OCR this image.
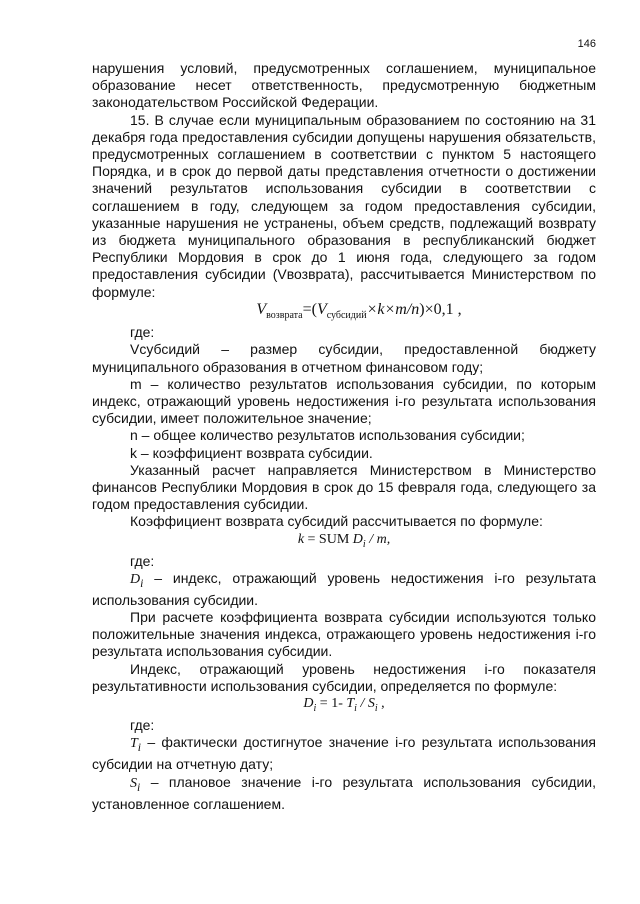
146

нарушения условий, предусмотренных соглашением, муниципальное образование несет ответственность, предусмотренную бюджетным законодательством Российской Федерации.

15. В случае если муниципальным образованием по состоянию на 31 декабря года предоставления субсидии допущены нарушения обязательств, предусмотренных соглашением в соответствии с пунктом 5 настоящего Порядка, и в срок до первой даты представления отчетности о достижении значений результатов использования субсидии в соответствии с соглашением в году, следующем за годом предоставления субсидии, указанные нарушения не устранены, объем средств, подлежащий возврату из бюджета муниципального образования в республиканский бюджет Республики Мордовия в срок до 1 июня года, следующего за годом предоставления субсидии (Vвозврата), рассчитывается Министерством по формуле:

$V_{возврата}=(V_{субсидий}\times k\times m/n)\times 0,1$ ,

где:

Vсубсидий – размер субсидии, предоставленной бюджету муниципального образования в отчетном финансовом году;

m – количество результатов использования субсидии, по которым индекс, отражающий уровень недостижения i-го результата использования субсидии, имеет положительное значение;

n – общее количество результатов использования субсидии;

k – коэффициент возврата субсидии.

Указанный расчет направляется Министерством в Министерство финансов Республики Мордовия в срок до 15 февраля года, следующего за годом предоставления субсидии.

Коэффициент возврата субсидий рассчитывается по формуле:

k = SUM $D_i$ / m,

где:

$D_i$ – индекс, отражающий уровень недостижения i-го результата использования субсидии.

При расчете коэффициента возврата субсидии используются только положительные значения индекса, отражающего уровень недостижения i-го результата использования субсидии.

Индекс, отражающий уровень недостижения i-го показателя результативности использования субсидии, определяется по формуле:

$D_i = 1-$ $T_i / S_i$ ,

где:

$T_i$ – фактически достигнутое значение i-го результата использования субсидии на отчетную дату;

$S_i$ – плановое значение i-го результата использования субсидии, установленное соглашением.
